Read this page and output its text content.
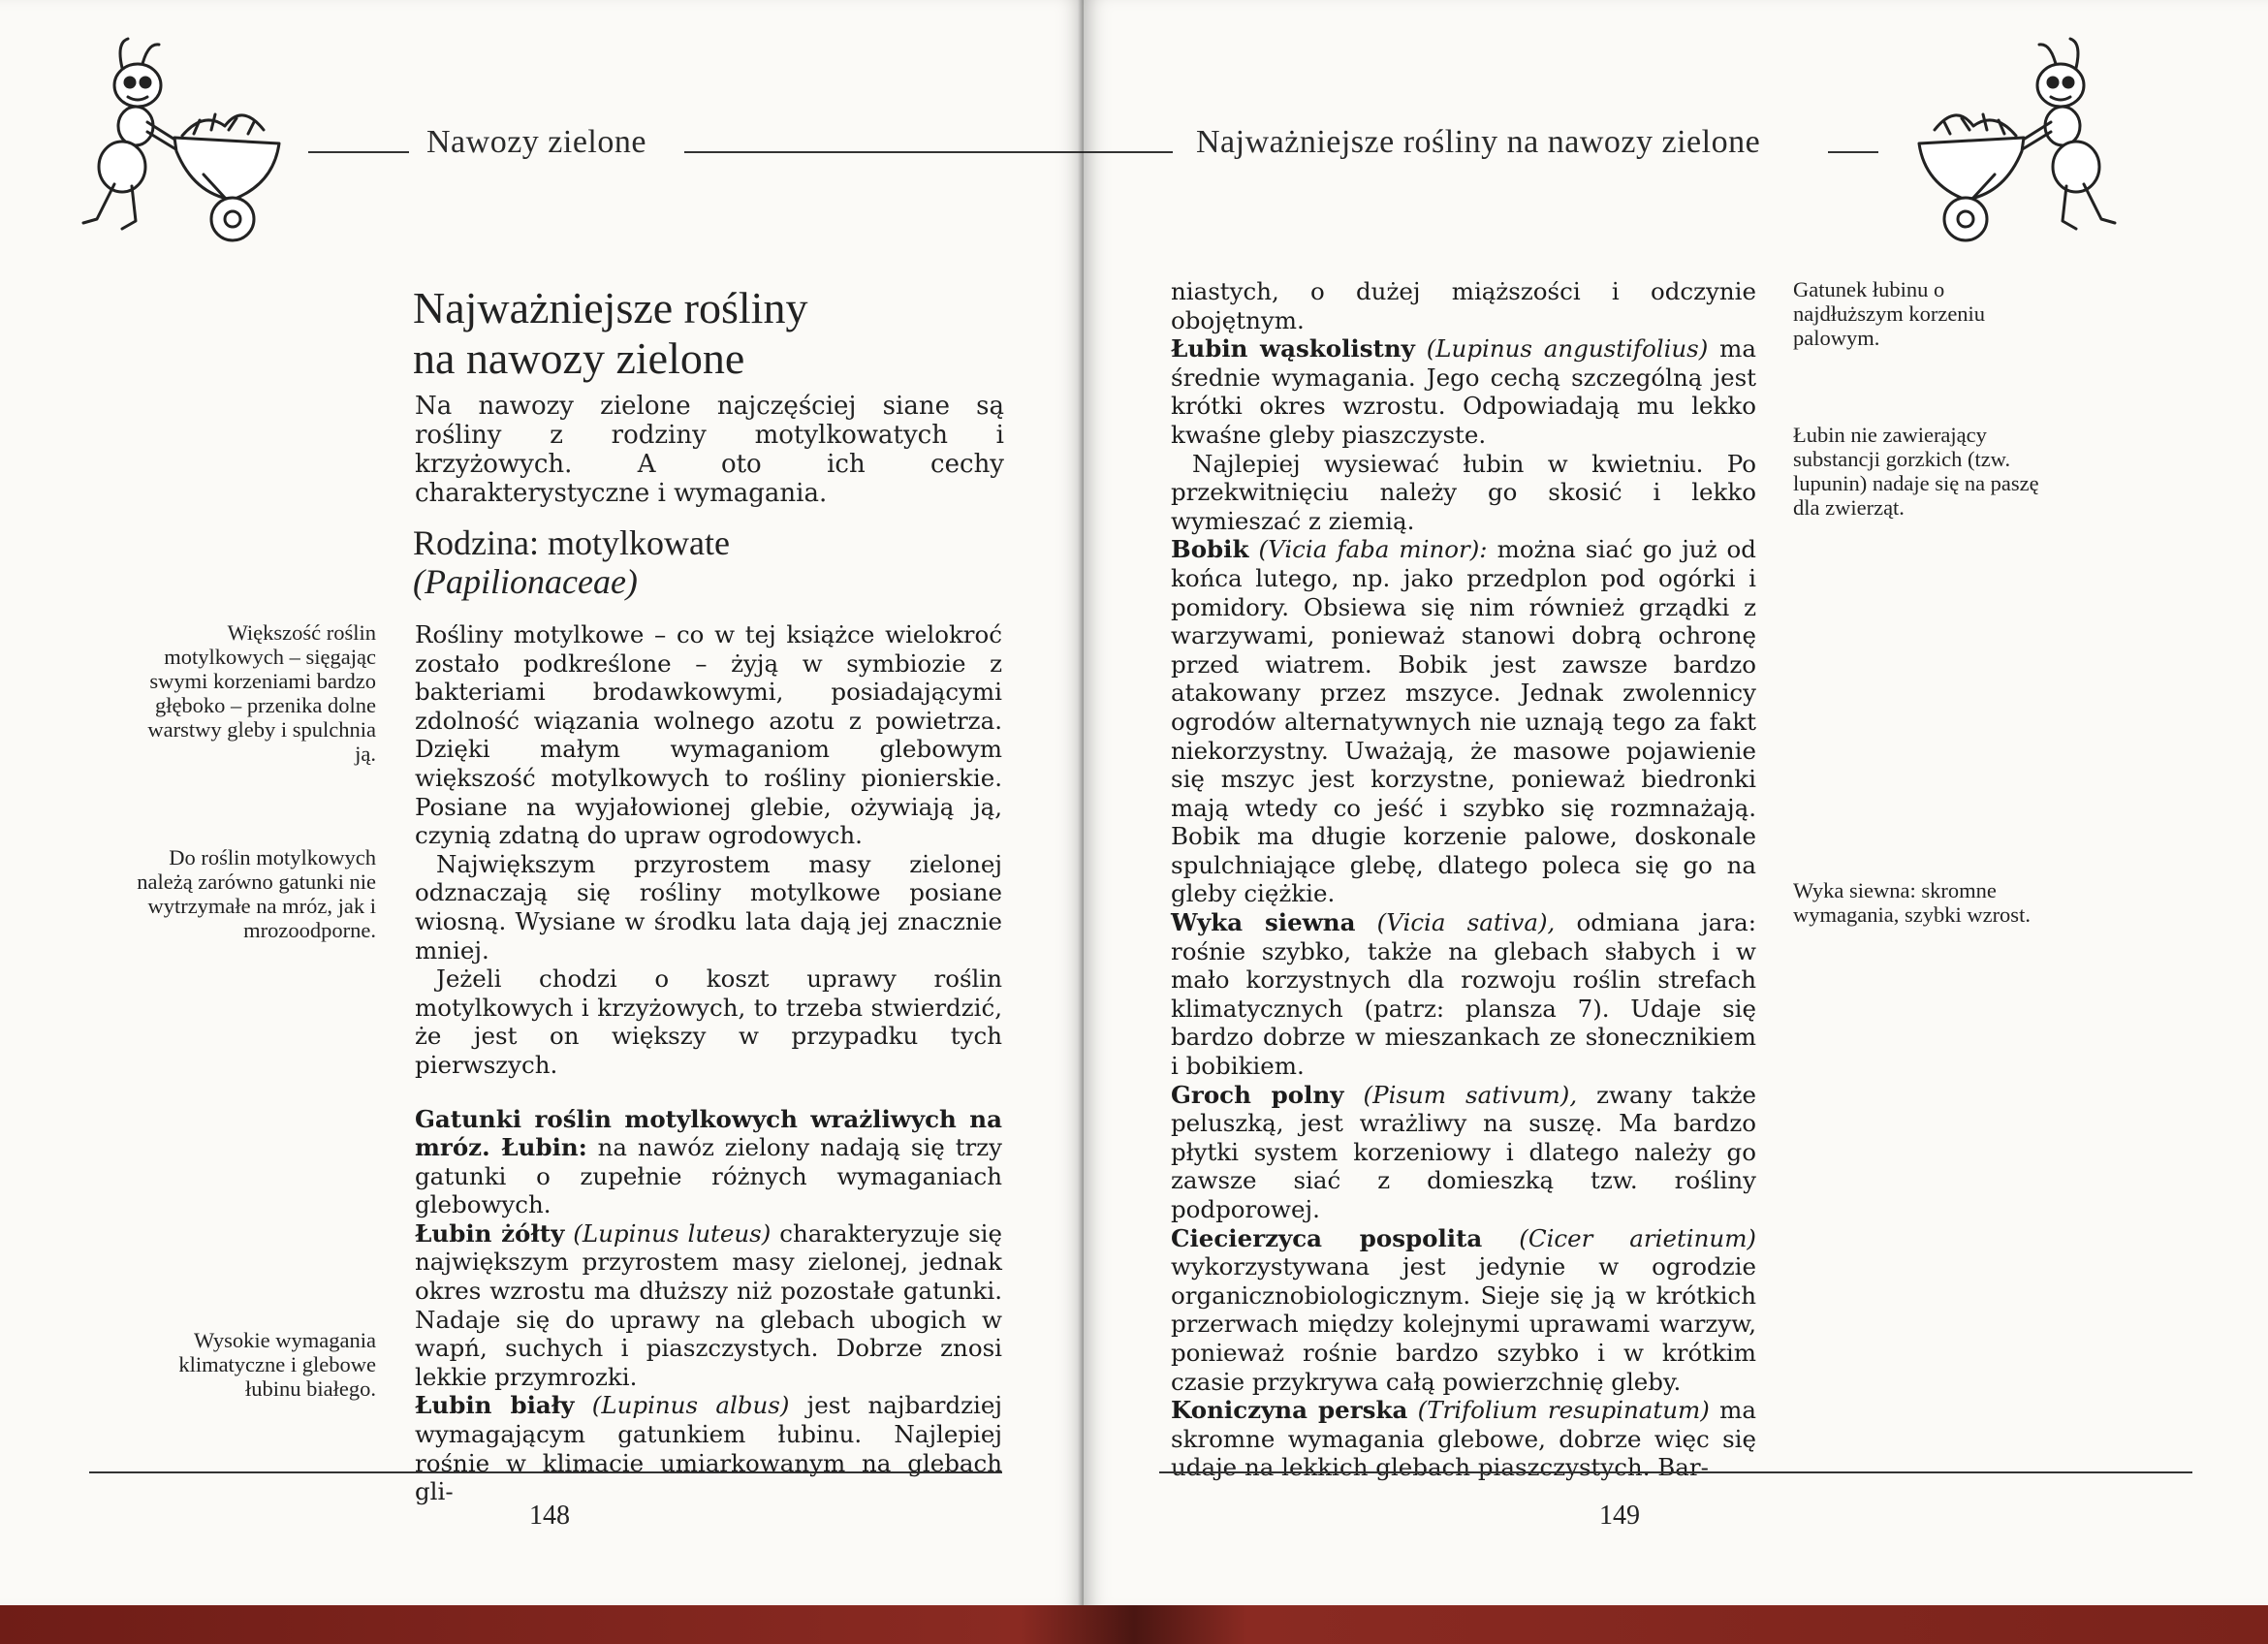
Nawozy zielone
Najważniejsze rośliny
na nawozy zielone

Na nawozy zielone najczęściej siane są rośliny z rodziny motylkowatych i krzyżowych. A oto ich cechy charakterystyczne i wymagania.

Rodzina: motylkowate
(Papilionaceae)

Rośliny motylkowe – co w tej książce wielokroć zostało podkreślone – żyją w symbiozie z bakteriami brodawkowymi, posiadającymi zdolność wiązania wolnego azotu z powietrza. Dzięki małym wymaganiom glebowym większość motylkowych to rośliny pionierskie. Posiane na wyjałowionej glebie, ożywiają ją, czynią zdatną do upraw ogrodowych.

Największym przyrostem masy zielonej odznaczają się rośliny motylkowe posiane wiosną. Wysiane w środku lata dają jej znacznie mniej.

Jeżeli chodzi o koszt uprawy roślin motylkowych i krzyżowych, to trzeba stwierdzić, że jest on większy w przypadku tych pierwszych.

Gatunki roślin motylkowych wrażliwych na mróz. Łubin: na nawóz zielony nadają się trzy gatunki o zupełnie różnych wymaganiach glebowych.

Łubin żółty (Lupinus luteus) charakteryzuje się największym przyrostem masy zielonej, jednak okres wzrostu ma dłuższy niż pozostałe gatunki. Nadaje się do uprawy na glebach ubogich w wapń, suchych i piaszczystych. Dobrze znosi lekkie przymrozki.

Łubin biały (Lupinus albus) jest najbardziej wymagającym gatunkiem łubinu. Najlepiej rośnie w klimacie umiarkowanym na glebach gli-

Większość roślin motylkowych – sięgając swymi korzeniami bardzo głęboko – przenika dolne warstwy gleby i spulchnia ją.
Do roślin motylkowych należą zarówno gatunki nie wytrzymałe na mróz, jak i mrozoodporne.
Wysokie wymagania klimatyczne i glebowe łubinu białego.
148
Najważniejsze rośliny na nawozy zielone

niastych, o dużej miąższości i odczynie obojętnym.

Łubin wąskolistny (Lupinus angustifolius) ma średnie wymagania. Jego cechą szczególną jest krótki okres wzrostu. Odpowiadają mu lekko kwaśne gleby piaszczyste.

Najlepiej wysiewać łubin w kwietniu. Po przekwitnięciu należy go skosić i lekko wymieszać z ziemią.

Bobik (Vicia faba minor): można siać go już od końca lutego, np. jako przedplon pod ogórki i pomidory. Obsiewa się nim również grządki z warzywami, ponieważ stanowi dobrą ochronę przed wiatrem. Bobik jest zawsze bardzo atakowany przez mszyce. Jednak zwolennicy ogrodów alternatywnych nie uznają tego za fakt niekorzystny. Uważają, że masowe pojawienie się mszyc jest korzystne, ponieważ biedronki mają wtedy co jeść i szybko się rozmnażają. Bobik ma długie korzenie palowe, doskonale spulchniające glebę, dlatego poleca się go na gleby ciężkie.

Wyka siewna (Vicia sativa), odmiana jara: rośnie szybko, także na glebach słabych i w mało korzystnych dla rozwoju roślin strefach klimatycznych (patrz: plansza 7). Udaje się bardzo dobrze w mieszankach ze słonecznikiem i bobikiem.

Groch polny (Pisum sativum), zwany także peluszką, jest wrażliwy na suszę. Ma bardzo płytki system korzeniowy i dlatego należy go zawsze siać z domieszką tzw. rośliny podporowej.

Ciecierzyca pospolita (Cicer arietinum) wykorzystywana jest jedynie w ogrodzie organicznobiologicznym. Sieje się ją w krótkich przerwach między kolejnymi uprawami warzyw, ponieważ rośnie bardzo szybko i w krótkim czasie przykrywa całą powierzchnię gleby.

Koniczyna perska (Trifolium resupinatum) ma skromne wymagania glebowe, dobrze więc się udaje na lekkich glebach piaszczystych. Bar-

Gatunek łubinu o najdłuższym korzeniu palowym.
Łubin nie zawierający substancji gorzkich (tzw. lupunin) nadaje się na paszę dla zwierząt.
Wyka siewna: skromne wymagania, szybki wzrost.
149
